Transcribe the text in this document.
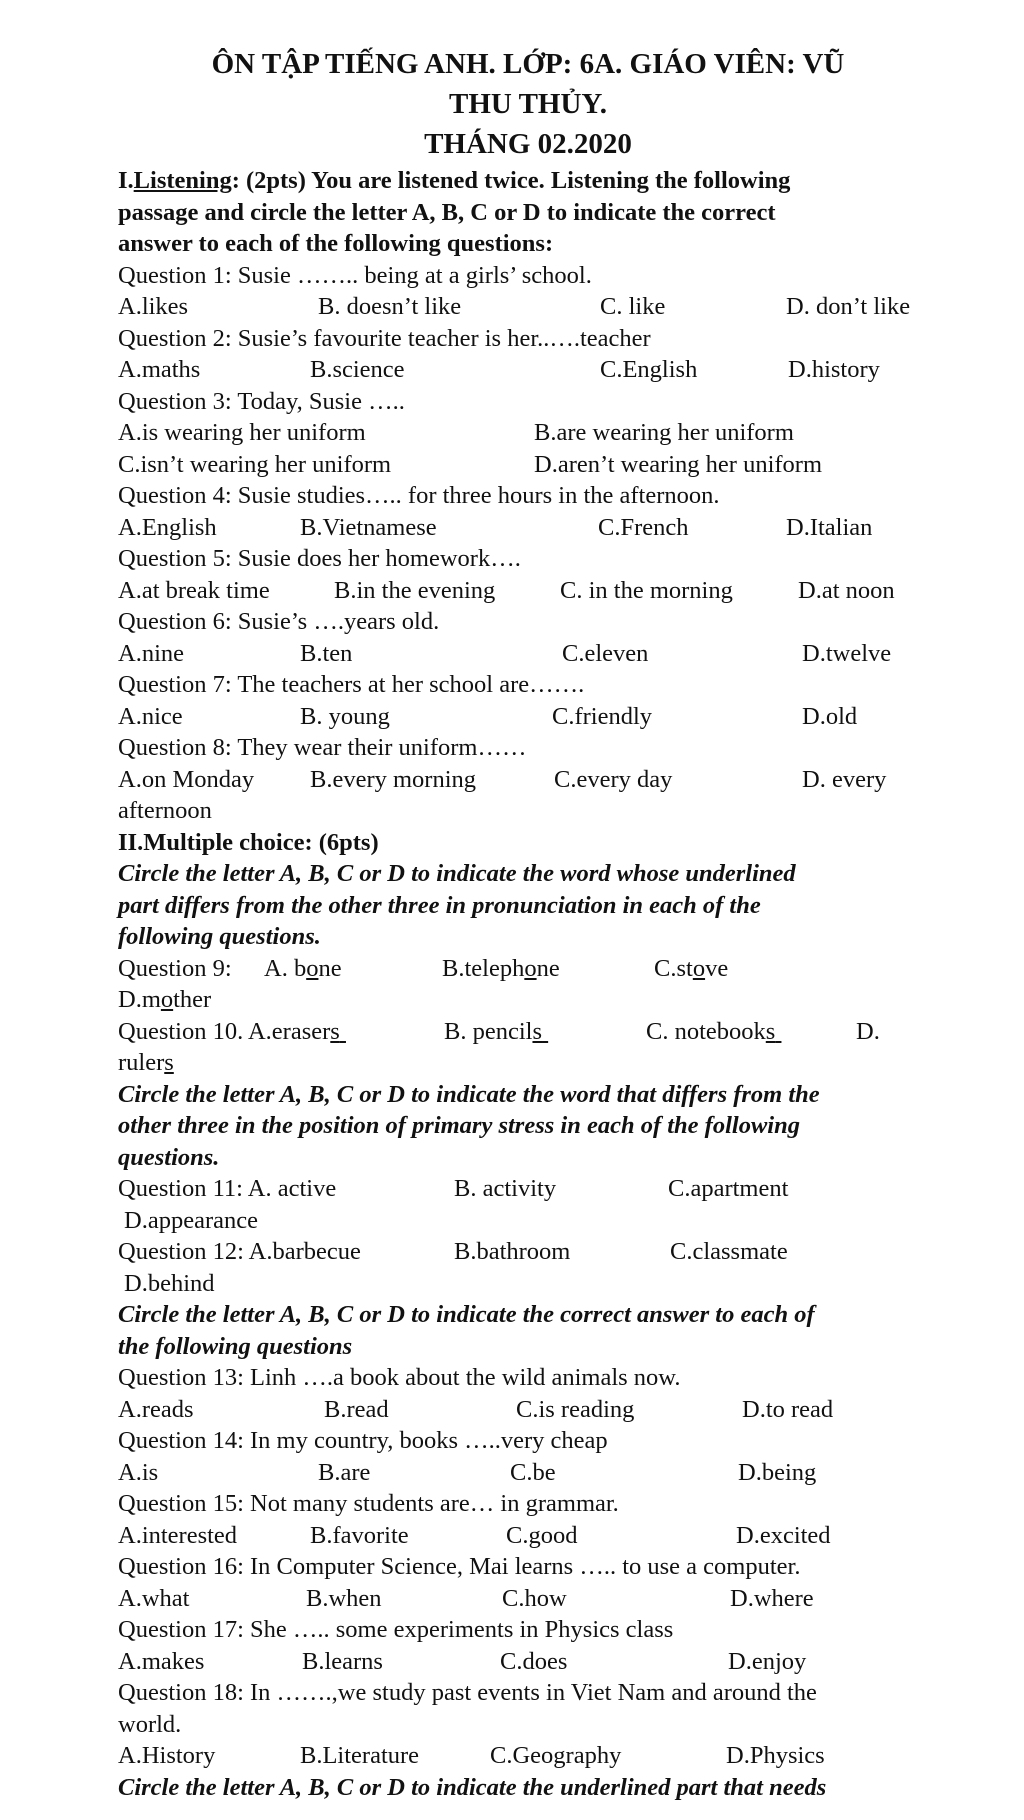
ÔN TẬP TIẾNG ANH. LỚP: 6A. GIÁO VIÊN: VŨ
THU THỦY.
THÁNG 02.2020
I.Listening: (2pts) You are listened twice. Listening the following
passage and circle the letter A, B, C or D to indicate the correct
answer to each of the following questions:
Question 1: Susie …….. being at a girls’ school.
A.likes	B. doesn’t like	C. like	D. don’t like
Question 2: Susie’s favourite teacher is her..….teacher
A.maths	B.science	C.English	D.history
Question 3: Today, Susie …..
A.is wearing her uniform	B.are wearing her uniform
C.isn’t wearing her uniform	D.aren’t wearing her uniform
Question 4: Susie studies….. for three hours in the afternoon.
A.English	B.Vietnamese	C.French	D.Italian
Question 5: Susie does her homework….
A.at break time	B.in the evening	C. in the morning	D.at noon
Question 6: Susie’s ….years old.
A.nine	B.ten	C.eleven	D.twelve
Question 7: The teachers at her school are…….
A.nice	B. young	C.friendly	D.old
Question 8: They wear their uniform……
A.on Monday B.every morning	C.every day	D. every
afternoon
II.Multiple choice: (6pts)
Circle the letter A, B, C or D to indicate the word whose underlined
part differs from the other three in pronunciation in each of the
following questions.
Question 9: A. bone	B.telephone	C.stove
D.mother
Question 10. A.erasers	B. pencils	C. notebooks	D.
rulers
Circle the letter A, B, C or D to indicate the word that differs from the
other three in the position of primary stress in each of the following
questions.
Question 11: A. active	B. activity	C.apartment
D.appearance
Question 12: A.barbecue	B.bathroom	C.classmate
D.behind
Circle the letter A, B, C or D to indicate the correct answer to each of
the following questions
Question 13: Linh ….a book about the wild animals now.
A.reads	B.read	C.is reading	D.to read
Question 14: In my country, books …..very cheap
A.is	B.are	C.be	D.being
Question 15: Not many students are… in grammar.
A.interested	B.favorite	C.good	D.excited
Question 16: In Computer Science, Mai learns ….. to use a computer.
A.what	B.when	C.how	D.where
Question 17: She ….. some experiments in Physics class
A.makes	B.learns	C.does	D.enjoy
Question 18: In …….,we study past events in Viet Nam and around the
world.
A.History	B.Literature	C.Geography	D.Physics
Circle the letter A, B, C or D to indicate the underlined part that needs
